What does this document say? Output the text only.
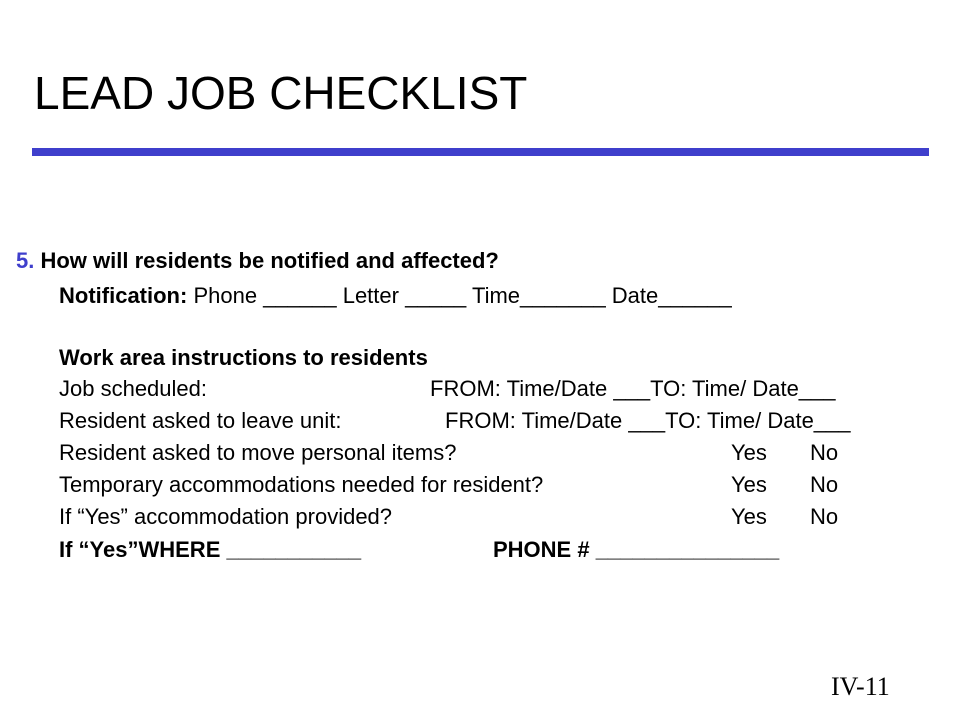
LEAD JOB CHECKLIST
5. How will residents be notified and affected?
Notification: Phone ______ Letter _____ Time_______ Date______
Work area instructions to residents
Job scheduled:	FROM: Time/Date ___TO: Time/ Date___
Resident asked to leave unit:	FROM: Time/Date ___TO: Time/ Date___
Resident asked to move personal items?	Yes No
Temporary accommodations needed for resident?	Yes No
If “Yes” accommodation provided?	Yes No
If “Yes”WHERE ___________	PHONE # _______________
IV-11
